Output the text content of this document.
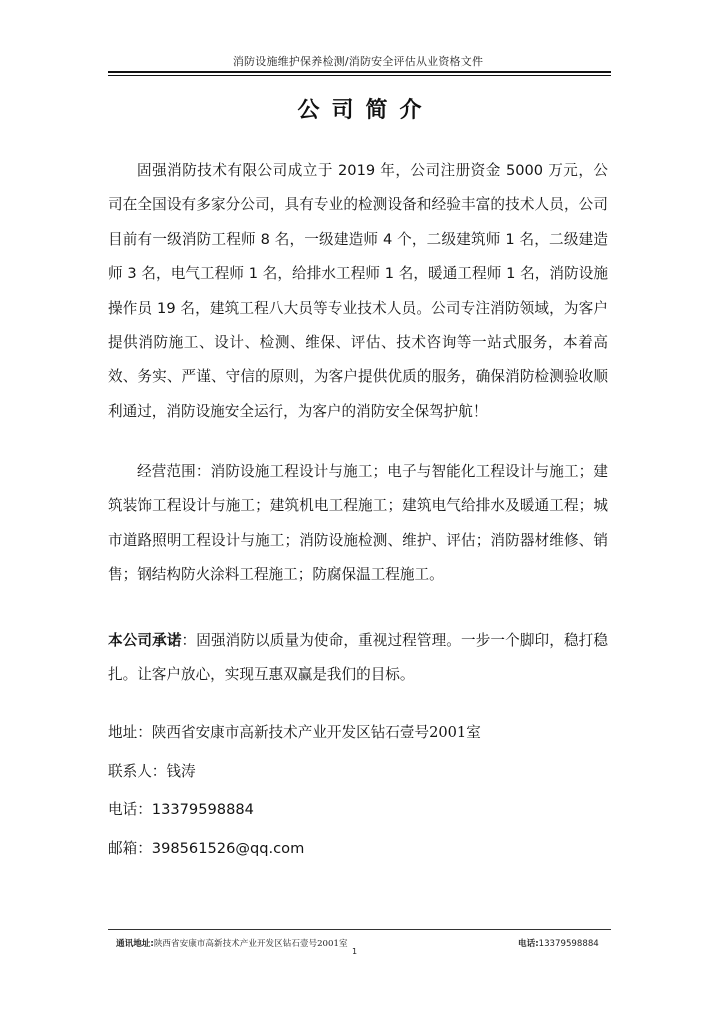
消防设施维护保养检测/消防安全评估从业资格文件
公司简介

固强消防技术有限公司成立于 2019 年，公司注册资金 5000 万元，公司在全国设有多家分公司，具有专业的检测设备和经验丰富的技术人员，公司目前有一级消防工程师 8 名，一级建造师 4 个，二级建筑师 1 名，二级建造师 3 名，电气工程师 1 名，给排水工程师 1 名，暖通工程师 1 名，消防设施操作员 19 名，建筑工程八大员等专业技术人员。公司专注消防领域，为客户提供消防施工、设计、检测、维保、评估、技术咨询等一站式服务，本着高效、务实、严谨、守信的原则，为客户提供优质的服务，确保消防检测验收顺利通过，消防设施安全运行，为客户的消防安全保驾护航！

经营范围：消防设施工程设计与施工；电子与智能化工程设计与施工；建筑装饰工程设计与施工；建筑机电工程施工；建筑电气给排水及暖通工程；城市道路照明工程设计与施工；消防设施检测、维护、评估；消防器材维修、销售；钢结构防火涂料工程施工；防腐保温工程施工。

本公司承诺：固强消防以质量为使命，重视过程管理。一步一个脚印，稳打稳扎。让客户放心，实现互惠双赢是我们的目标。

地址：陕西省安康市高新技术产业开发区钻石壹号2001室
联系人：钱涛
电话：13379598884
邮箱：398561526@qq.com
通讯地址:陕西省安康市高新技术产业开发区钻石壹号2001室	电话:13379598884
1
